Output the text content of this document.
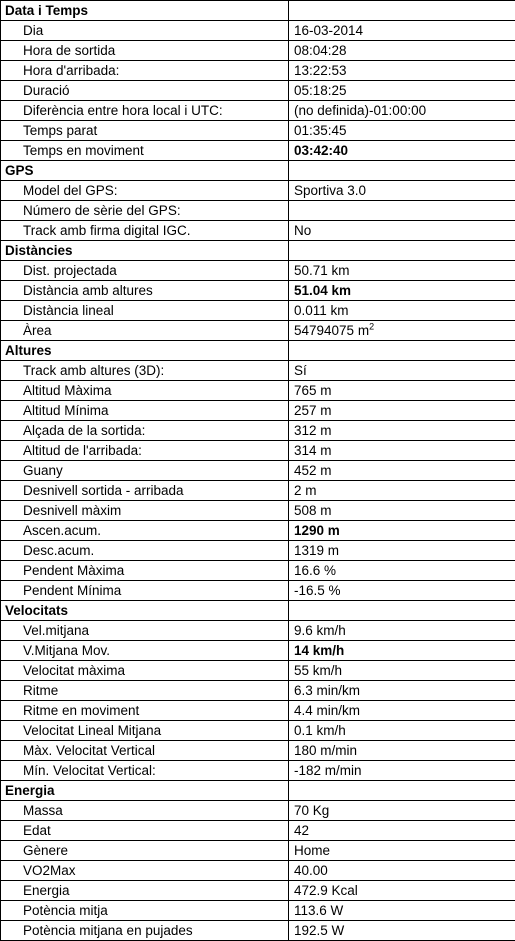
Data i Temps	
Dia	16-03-2014
Hora de sortida	08:04:28
Hora d'arribada:	13:22:53
Duració	05:18:25
Diferència entre hora local i UTC:	(no definida)-01:00:00
Temps parat	01:35:45
Temps en moviment	03:42:40
GPS	
Model del GPS:	Sportiva 3.0
Número de sèrie del GPS:	
Track amb firma digital IGC.	No
Distàncies	
Dist. projectada	50.71 km
Distància amb altures	51.04 km
Distància lineal	0.011 km
Àrea	54794075 $m^2$
Altures	
Track amb altures (3D):	Sí
Altitud Màxima	765 m
Altitud Mínima	257 m
Alçada de la sortida:	312 m
Altitud de l'arribada:	314 m
Guany	452 m
Desnivell sortida - arribada	2 m
Desnivell màxim	508 m
Ascen.acum.	1290 m
Desc.acum.	1319 m
Pendent Màxima	16.6 %
Pendent Mínima	-16.5 %
Velocitats	
Vel.mitjana	9.6 km/h
V.Mitjana Mov.	14 km/h
Velocitat màxima	55 km/h
Ritme	6.3 min/km
Ritme en moviment	4.4 min/km
Velocitat Lineal Mitjana	0.1 km/h
Màx. Velocitat Vertical	180 m/min
Mín. Velocitat Vertical:	-182 m/min
Energia	
Massa	70 Kg
Edat	42
Gènere	Home
VO2Max	40.00
Energia	472.9 Kcal
Potència mitja	113.6 W
Potència mitjana en pujades	192.5 W
